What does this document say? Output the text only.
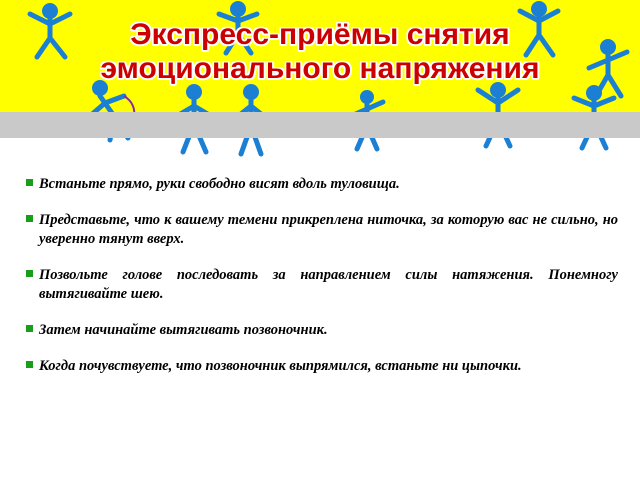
Экспресс-приёмы снятия
эмоционального напряжения
Встаньте прямо, руки свободно висят вдоль туловища.
Представьте, что к вашему темени прикреплена ниточка, за которую вас не сильно, но уверенно тянут вверх.
Позвольте голове последовать за направлением силы натяжения. Понемногу вытягивайте шею.
Затем начинайте вытягивать позвоночник.
Когда почувствуете, что позвоночник выпрямился, встаньте ни цыпочки.
